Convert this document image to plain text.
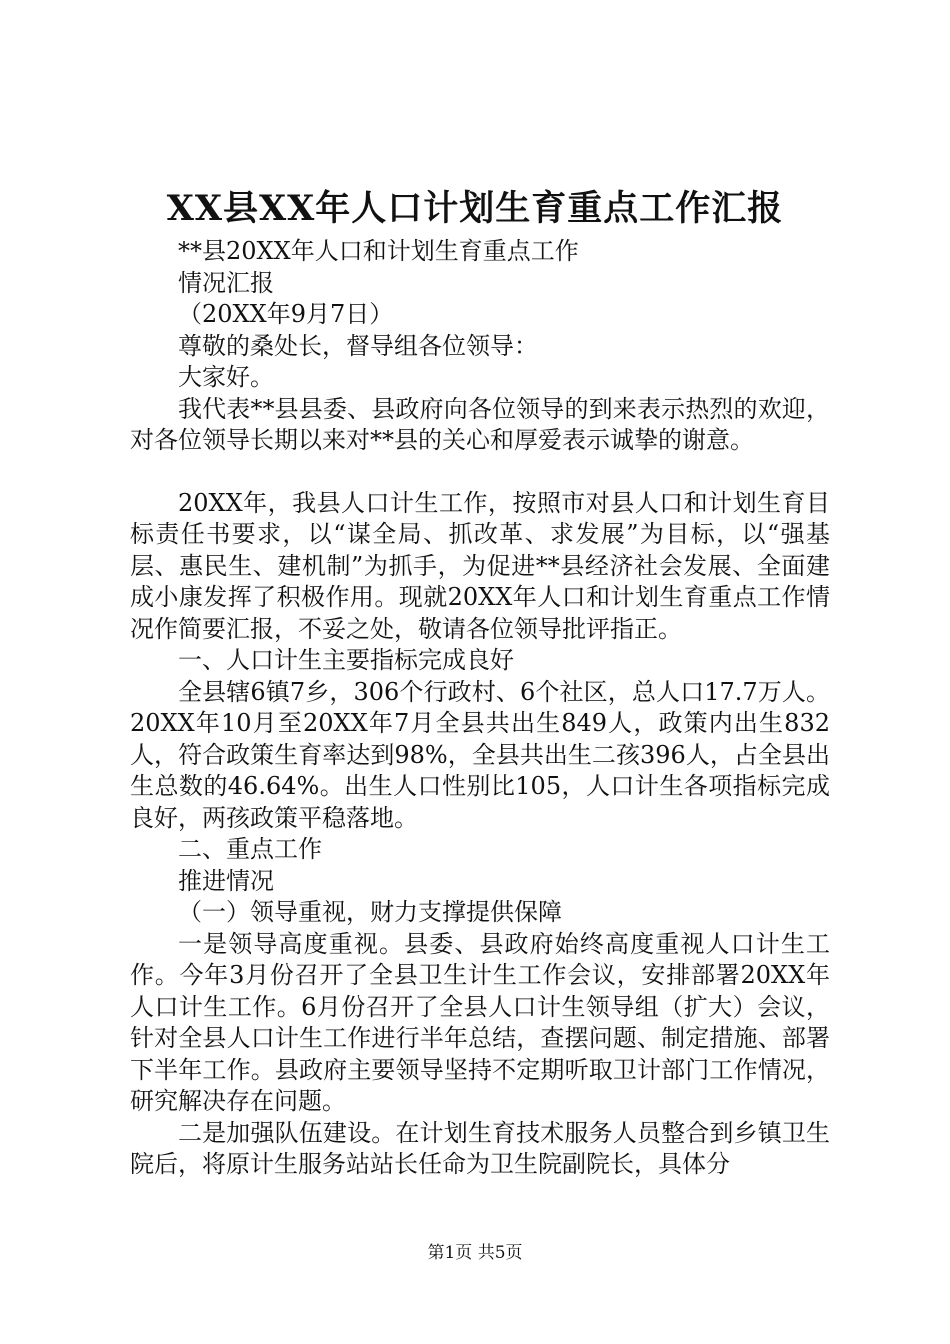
XX县XX年人口计划生育重点工作汇报

**县20XX年人口和计划生育重点工作

情况汇报

（20XX年9月7日）

尊敬的桑处长，督导组各位领导：

大家好。

我代表**县县委、县政府向各位领导的到来表示热烈的欢迎，对各位领导长期以来对**县的关心和厚爱表示诚挚的谢意。

20XX年，我县人口计生工作，按照市对县人口和计划生育目标责任书要求，以“谋全局、抓改革、求发展”为目标，以“强基层、惠民生、建机制”为抓手，为促进**县经济社会发展、全面建成小康发挥了积极作用。现就20XX年人口和计划生育重点工作情况作简要汇报，不妥之处，敬请各位领导批评指正。

一、人口计生主要指标完成良好

全县辖6镇7乡，306个行政村、6个社区，总人口17.7万人。20XX年10月至20XX年7月全县共出生849人，政策内出生832人，符合政策生育率达到98%，全县共出生二孩396人，占全县出生总数的46.64%。出生人口性别比105，人口计生各项指标完成良好，两孩政策平稳落地。

二、重点工作

推进情况

（一）领导重视，财力支撑提供保障

一是领导高度重视。县委、县政府始终高度重视人口计生工作。今年3月份召开了全县卫生计生工作会议，安排部署20XX年人口计生工作。6月份召开了全县人口计生领导组（扩大）会议，针对全县人口计生工作进行半年总结，查摆问题、制定措施、部署下半年工作。县政府主要领导坚持不定期听取卫计部门工作情况，研究解决存在问题。

二是加强队伍建设。在计划生育技术服务人员整合到乡镇卫生院后，将原计生服务站站长任命为卫生院副院长，具体分

第1页 共5页
